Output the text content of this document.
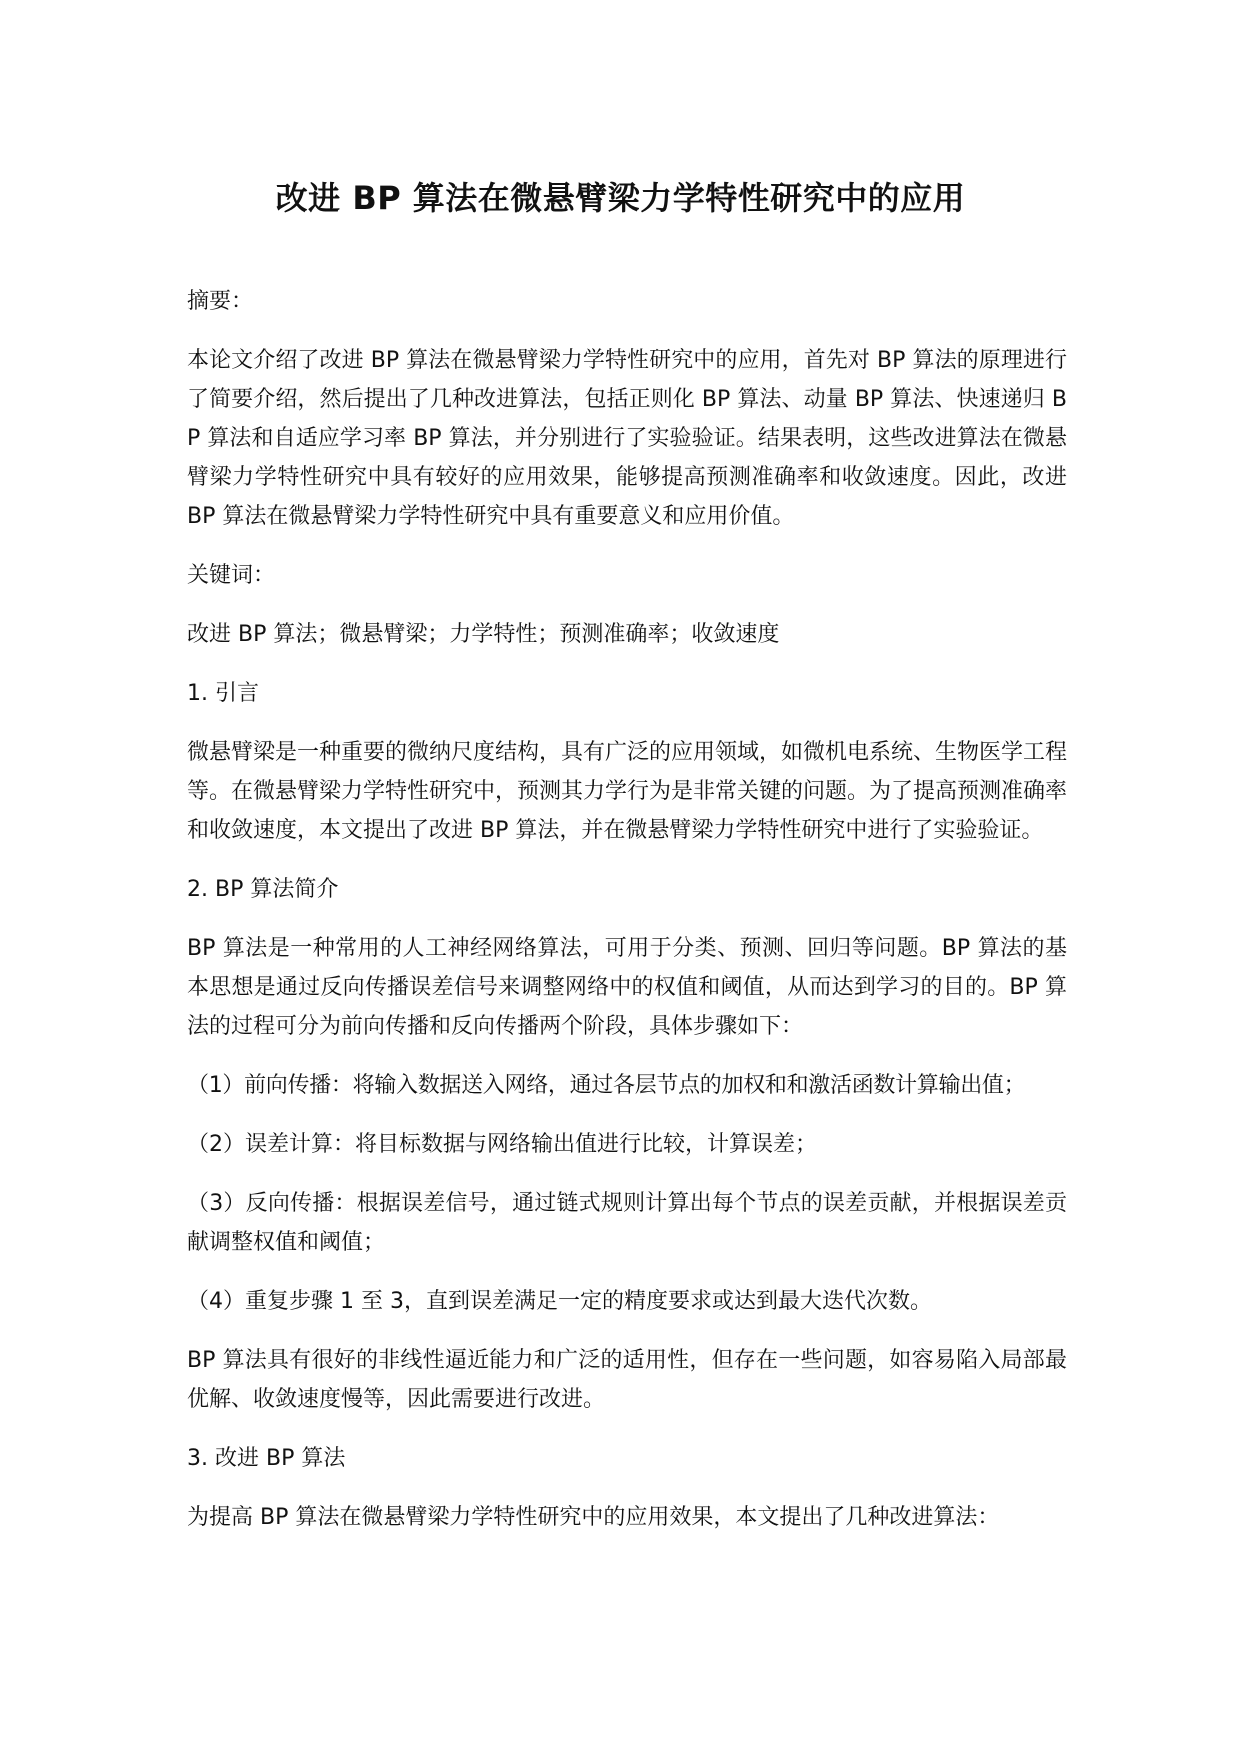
改进 BP 算法在微悬臂梁力学特性研究中的应用

摘要：

本论文介绍了改进 BP 算法在微悬臂梁力学特性研究中的应用，首先对 BP 算法的原理进行了简要介绍，然后提出了几种改进算法，包括正则化 BP 算法、动量 BP 算法、快速递归 BP 算法和自适应学习率 BP 算法，并分别进行了实验验证。结果表明，这些改进算法在微悬臂梁力学特性研究中具有较好的应用效果，能够提高预测准确率和收敛速度。因此，改进 BP 算法在微悬臂梁力学特性研究中具有重要意义和应用价值。

关键词：

改进 BP 算法；微悬臂梁；力学特性；预测准确率；收敛速度

1. 引言

微悬臂梁是一种重要的微纳尺度结构，具有广泛的应用领域，如微机电系统、生物医学工程等。在微悬臂梁力学特性研究中，预测其力学行为是非常关键的问题。为了提高预测准确率和收敛速度，本文提出了改进 BP 算法，并在微悬臂梁力学特性研究中进行了实验验证。

2. BP 算法简介

BP 算法是一种常用的人工神经网络算法，可用于分类、预测、回归等问题。BP 算法的基本思想是通过反向传播误差信号来调整网络中的权值和阈值，从而达到学习的目的。BP 算法的过程可分为前向传播和反向传播两个阶段，具体步骤如下：

（1）前向传播：将输入数据送入网络，通过各层节点的加权和和激活函数计算输出值；

（2）误差计算：将目标数据与网络输出值进行比较，计算误差；

（3）反向传播：根据误差信号，通过链式规则计算出每个节点的误差贡献，并根据误差贡献调整权值和阈值；

（4）重复步骤 1 至 3，直到误差满足一定的精度要求或达到最大迭代次数。

BP 算法具有很好的非线性逼近能力和广泛的适用性，但存在一些问题，如容易陷入局部最优解、收敛速度慢等，因此需要进行改进。

3. 改进 BP 算法

为提高 BP 算法在微悬臂梁力学特性研究中的应用效果，本文提出了几种改进算法：
